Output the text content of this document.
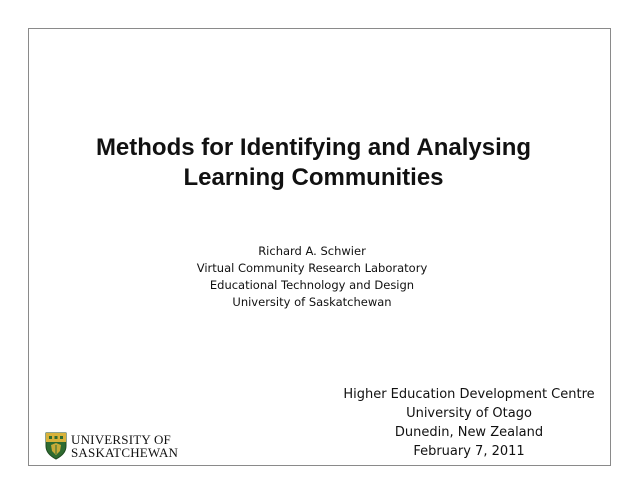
Methods for Identifying and Analysing
Learning Communities
Richard A. Schwier
Virtual Community Research Laboratory
Educational Technology and Design
University of Saskatchewan
Higher Education Development Centre
University of Otago
Dunedin, New Zealand
February 7, 2011
UNIVERSITY OF
SASKATCHEWAN
